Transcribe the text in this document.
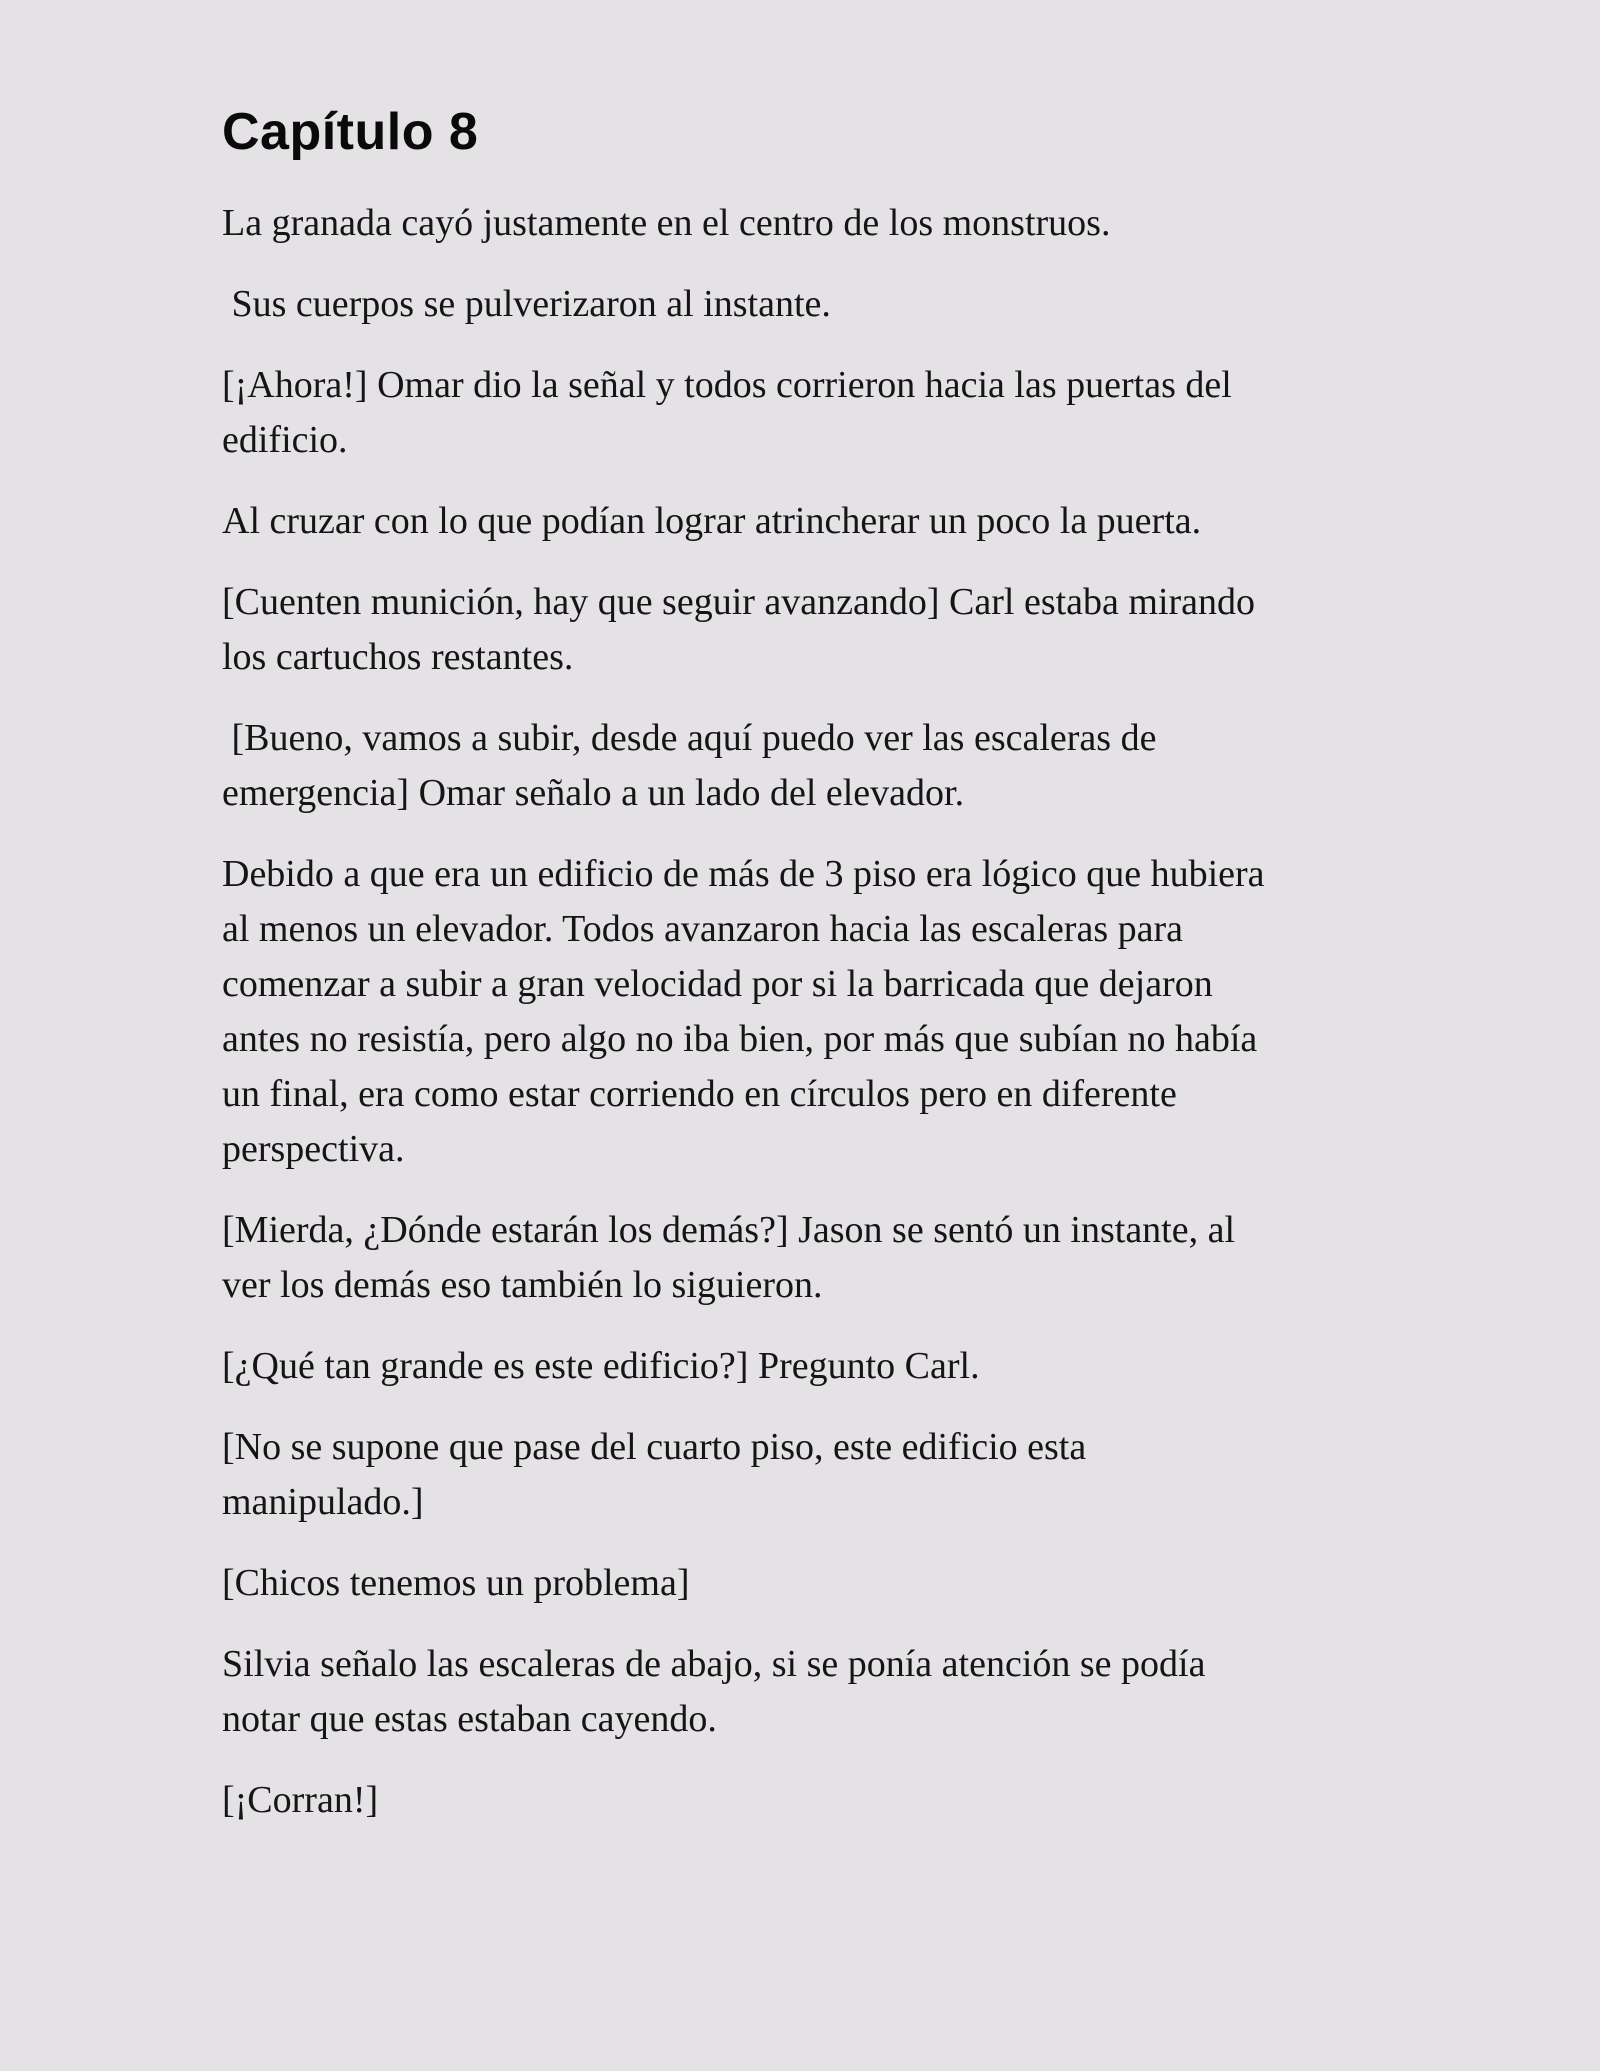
Capítulo 8

La granada cayó justamente en el centro de los monstruos.

Sus cuerpos se pulverizaron al instante.

[¡Ahora!] Omar dio la señal y todos corrieron hacia las puertas del
edificio.

Al cruzar con lo que podían lograr atrincherar un poco la puerta.

[Cuenten munición, hay que seguir avanzando] Carl estaba mirando
los cartuchos restantes.

[Bueno, vamos a subir, desde aquí puedo ver las escaleras de
emergencia] Omar señalo a un lado del elevador.

Debido a que era un edificio de más de 3 piso era lógico que hubiera
al menos un elevador. Todos avanzaron hacia las escaleras para
comenzar a subir a gran velocidad por si la barricada que dejaron
antes no resistía, pero algo no iba bien, por más que subían no había
un final, era como estar corriendo en círculos pero en diferente
perspectiva.

[Mierda, ¿Dónde estarán los demás?] Jason se sentó un instante, al
ver los demás eso también lo siguieron.

[¿Qué tan grande es este edificio?] Pregunto Carl.

[No se supone que pase del cuarto piso, este edificio esta
manipulado.]

[Chicos tenemos un problema]

Silvia señalo las escaleras de abajo, si se ponía atención se podía
notar que estas estaban cayendo.

[¡Corran!]
